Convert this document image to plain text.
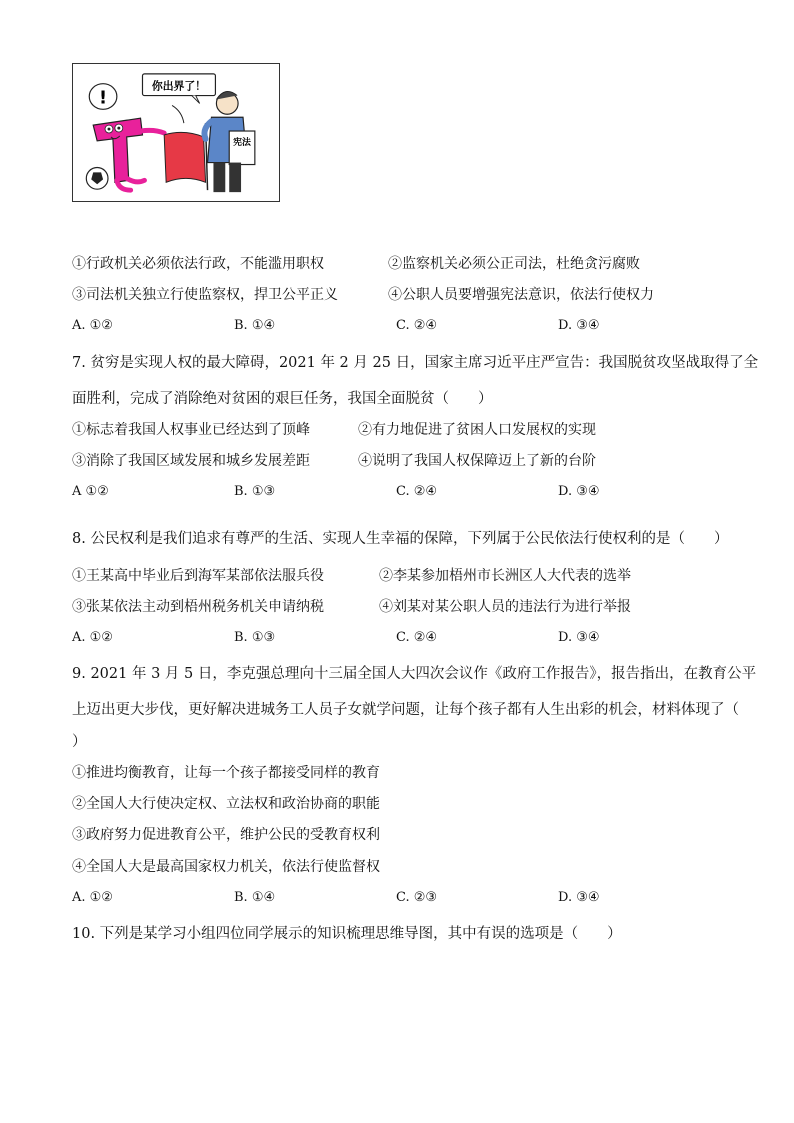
你出界了！
!
宪法
①行政机关必须依法行政，不能滥用职权	②监察机关必须公正司法，杜绝贪污腐败
③司法机关独立行使监察权，捍卫公平正义	④公职人员要增强宪法意识，依法行使权力
A. ①②	B. ①④	C. ②④	D. ③④
7. 贫穷是实现人权的最大障碍，2021 年 2 月 25 日，国家主席习近平庄严宣告：我国脱贫攻坚战取得了全
面胜利，完成了消除绝对贫困的艰巨任务，我国全面脱贫（　　）
①标志着我国人权事业已经达到了顶峰	②有力地促进了贫困人口发展权的实现
③消除了我国区域发展和城乡发展差距	④说明了我国人权保障迈上了新的台阶
A ①②	B. ①③	C. ②④	D. ③④
8. 公民权利是我们追求有尊严的生活、实现人生幸福的保障，下列属于公民依法行使权利的是（　　）
①王某高中毕业后到海军某部依法服兵役	②李某参加梧州市长洲区人大代表的选举
③张某依法主动到梧州税务机关申请纳税	④刘某对某公职人员的违法行为进行举报
A. ①②	B. ①③	C. ②④	D. ③④
9. 2021 年 3 月 5 日，李克强总理向十三届全国人大四次会议作《政府工作报告》，报告指出，在教育公平
上迈出更大步伐，更好解决进城务工人员子女就学问题，让每个孩子都有人生出彩的机会，材料体现了（
）
①推进均衡教育，让每一个孩子都接受同样的教育
②全国人大行使决定权、立法权和政治协商的职能
③政府努力促进教育公平，维护公民的受教育权利
④全国人大是最高国家权力机关，依法行使监督权
A. ①②	B. ①④	C. ②③	D. ③④
10. 下列是某学习小组四位同学展示的知识梳理思维导图，其中有误的选项是（　　）
